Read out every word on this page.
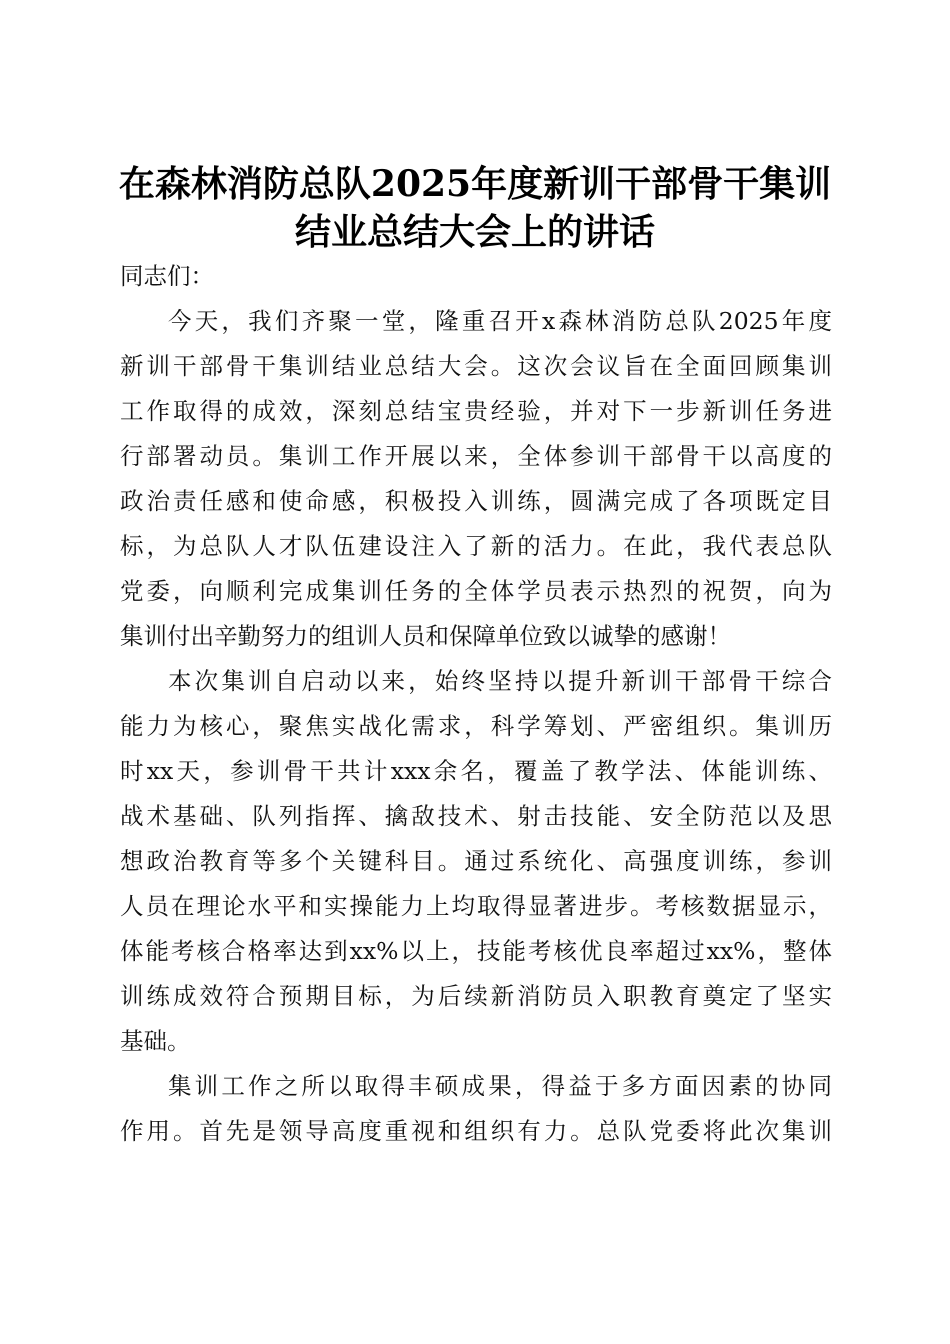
在森林消防总队2025年度新训干部骨干集训
结业总结大会上的讲话

同志们：

今天，我们齐聚一堂，隆重召开x森林消防总队2025年度
新训干部骨干集训结业总结大会。这次会议旨在全面回顾集训
工作取得的成效，深刻总结宝贵经验，并对下一步新训任务进
行部署动员。集训工作开展以来，全体参训干部骨干以高度的
政治责任感和使命感，积极投入训练，圆满完成了各项既定目
标，为总队人才队伍建设注入了新的活力。在此，我代表总队
党委，向顺利完成集训任务的全体学员表示热烈的祝贺，向为
集训付出辛勤努力的组训人员和保障单位致以诚挚的感谢！
本次集训自启动以来，始终坚持以提升新训干部骨干综合
能力为核心，聚焦实战化需求，科学筹划、严密组织。集训历
时xx天，参训骨干共计xxx余名，覆盖了教学法、体能训练、
战术基础、队列指挥、擒敌技术、射击技能、安全防范以及思
想政治教育等多个关键科目。通过系统化、高强度训练，参训
人员在理论水平和实操能力上均取得显著进步。考核数据显示，
体能考核合格率达到xx%以上，技能考核优良率超过xx%，整体
训练成效符合预期目标，为后续新消防员入职教育奠定了坚实
基础。
集训工作之所以取得丰硕成果，得益于多方面因素的协同
作用。首先是领导高度重视和组织有力。总队党委将此次集训
